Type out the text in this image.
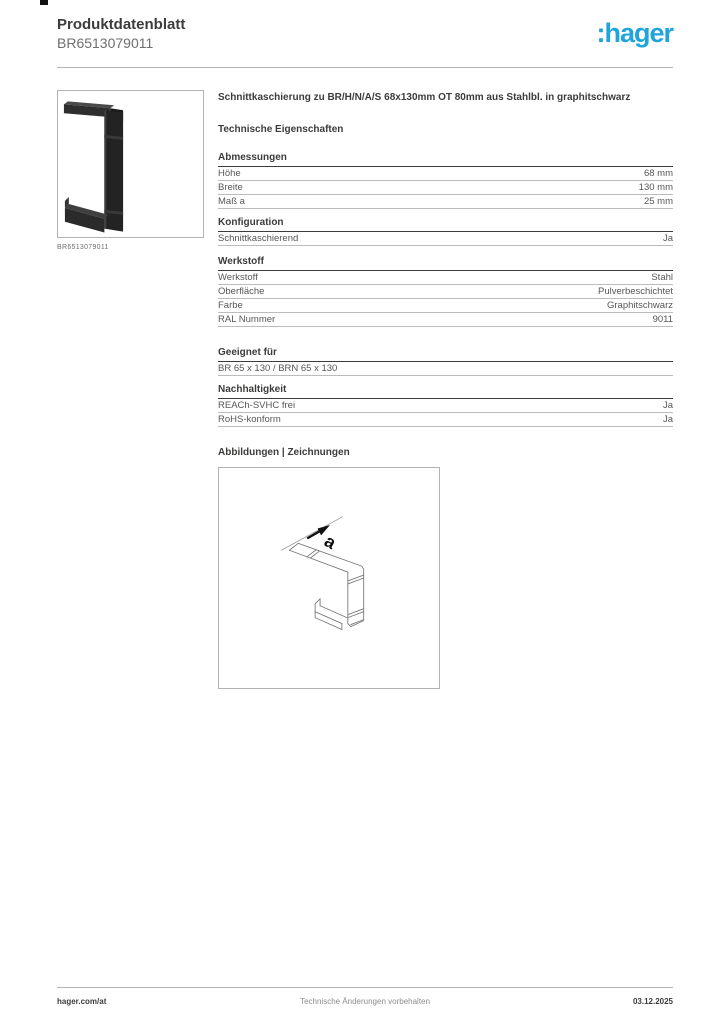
Produktdatenblatt
BR6513079011	:hager
BR6513079011
Schnittkaschierung zu BR/H/N/A/S 68x130mm OT 80mm aus Stahlbl. in graphitschwarz
Technische Eigenschaften
Abmessungen
Höhe	68 mm
Breite	130 mm
Maß a	25 mm
Konfiguration
Schnittkaschierend	Ja
Werkstoff
Werkstoff	Stahl
Oberfläche	Pulverbeschichtet
Farbe	Graphitschwarz
RAL Nummer	9011
Geeignet für
BR 65 x 130 / BRN 65 x 130
Nachhaltigkeit
REACh-SVHC frei	Ja
RoHS-konform	Ja
Abbildungen | Zeichnungen
a
Technische Änderungen vorbehalten
hager.com/at	03.12.2025
